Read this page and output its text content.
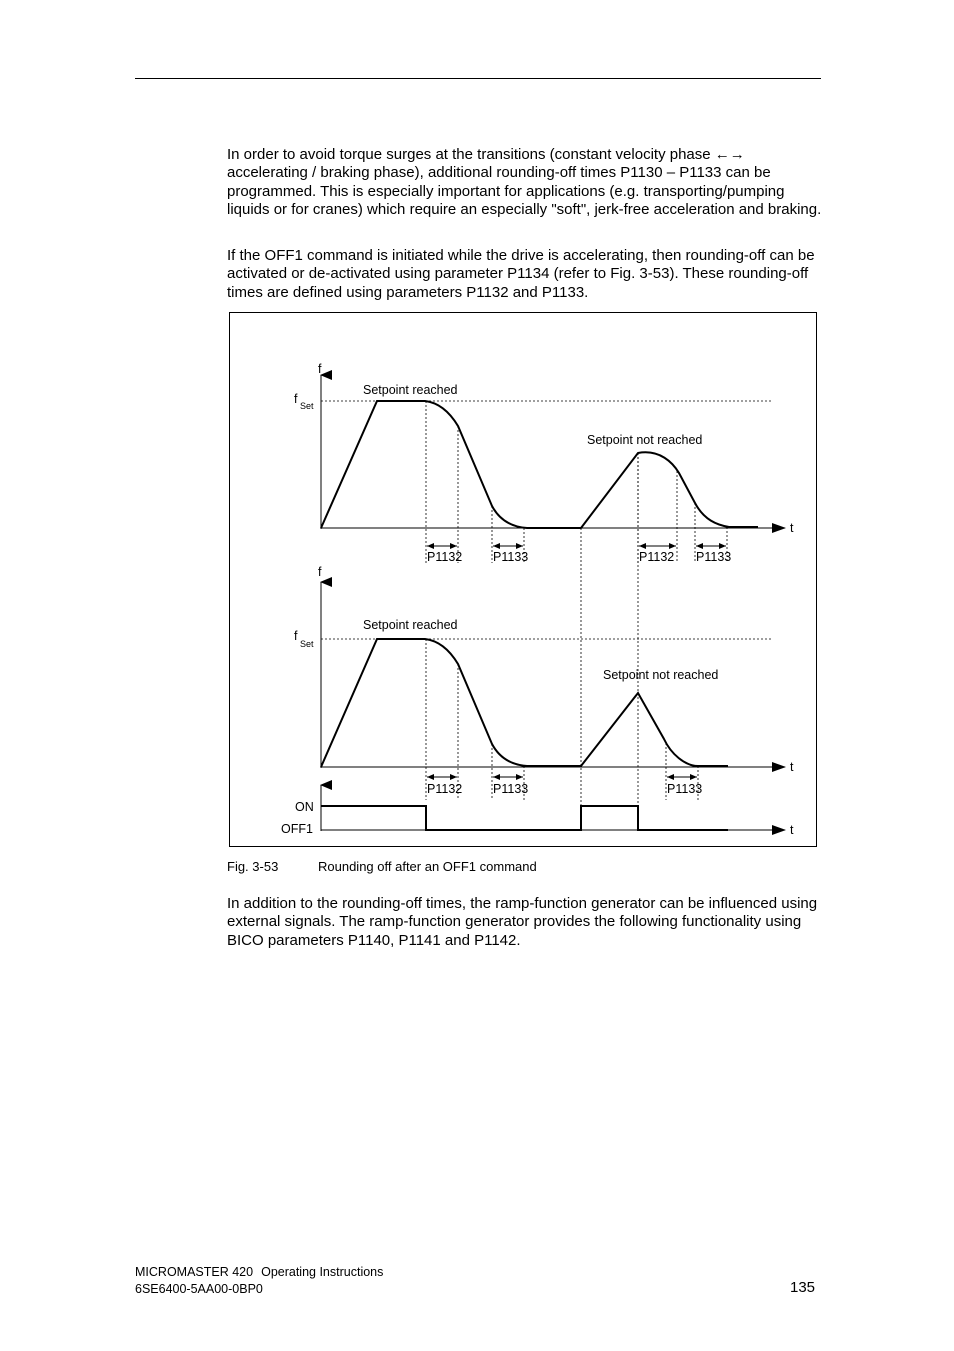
In order to avoid torque surges at the transitions (constant velocity phase ←→ accelerating / braking phase), additional rounding-off times P1130 – P1133 can be programmed. This is especially important for applications (e.g. transporting/pumping liquids or for cranes) which require an especially "soft", jerk-free acceleration and braking.

If the OFF1 command is initiated while the drive is accelerating, then rounding-off can be activated or de-activated using parameter P1134 (refer to Fig. 3-53). These rounding-off times are defined using parameters P1132 and P1133.

f
t
f Set
Setpoint reached
Setpoint not reached
P1132 P1133	P1132 P1133
f
t
f
Set
Setpoint reached
Setpoint not reached
P1132 P1133	P1133
ON
OFF1	t
Fig. 3-53	Rounding off after an OFF1 command

In addition to the rounding-off times, the ramp-function generator can be influenced using external signals. The ramp-function generator provides the following functionality using BICO parameters P1140, P1141 and P1142.

MICROMASTER 420 Operating Instructions
6SE6400-5AA00-0BP0	135
